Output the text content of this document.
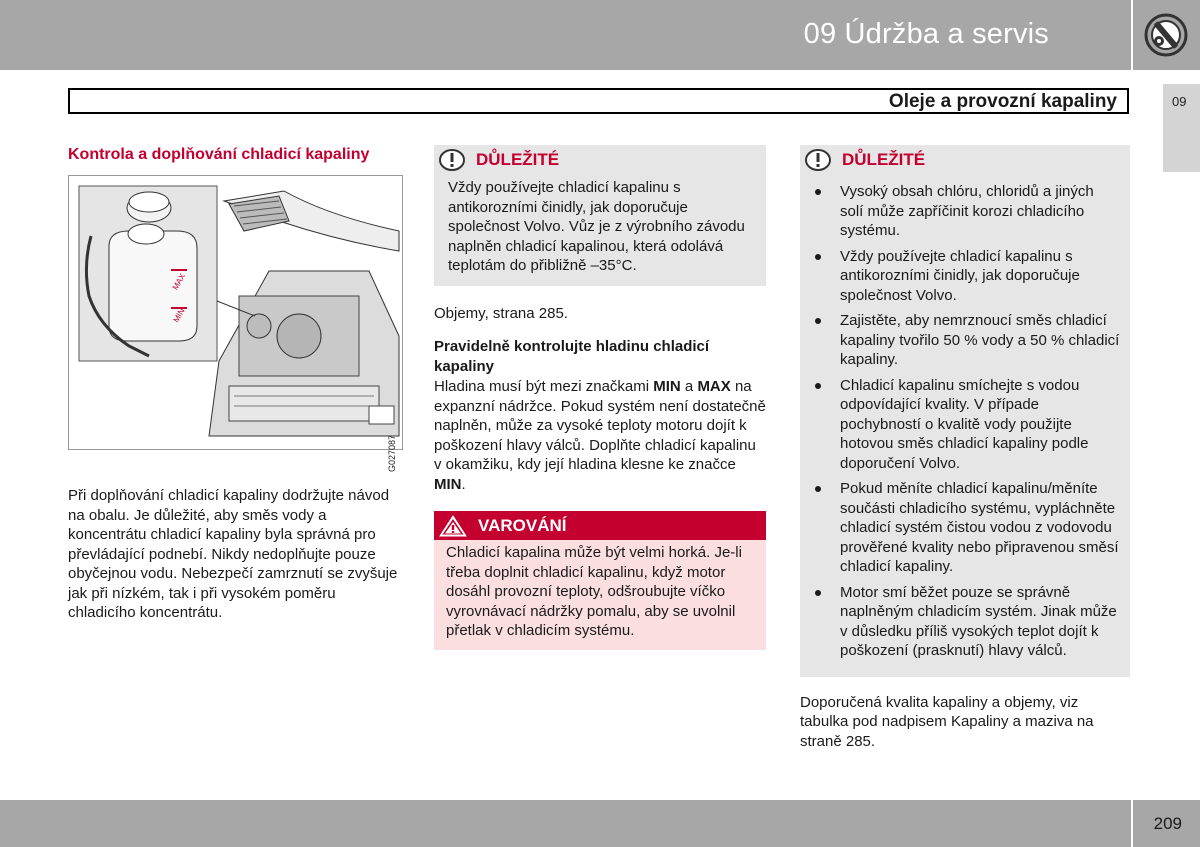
09 Údržba a servis
Oleje a provozní kapaliny	09
Kontrola a doplňování chladicí kapaliny
MAX
MIN
G027087

Při doplňování chladicí kapaliny dodržujte návod na obalu. Je důležité, aby směs vody a koncentrátu chladicí kapaliny byla správná pro převládající podnebí. Nikdy nedoplňujte pouze obyčejnou vodu. Nebezpečí zamrznutí se zvyšuje jak při nízkém, tak i při vysokém poměru chladicího koncentrátu.

DŮLEŽITÉ

Vždy používejte chladicí kapalinu s antikorozními činidly, jak doporučuje společnost Volvo. Vůz je z výrobního závodu naplněn chladicí kapalinou, která odolává teplotám do přibližně –35°C.

Objemy, strana 285.

Pravidelně kontrolujte hladinu chladicí kapaliny

Hladina musí být mezi značkami MIN a MAX na expanzní nádržce. Pokud systém není dostatečně naplněn, může za vysoké teploty motoru dojít k poškození hlavy válců. Doplňte chladicí kapalinu v okamžiku, kdy její hladina klesne ke značce MIN.

VAROVÁNÍ

Chladicí kapalina může být velmi horká. Je-li třeba doplnit chladicí kapalinu, když motor dosáhl provozní teploty, odšroubujte víčko vyrovnávací nádržky pomalu, aby se uvolnil přetlak v chladicím systému.

DŮLEŽITÉ
Vysoký obsah chlóru, chloridů a jiných solí může zapříčinit korozi chladicího systému.
Vždy používejte chladicí kapalinu s antikorozními činidly, jak doporučuje společnost Volvo.
Zajistěte, aby nemrznoucí směs chladicí kapaliny tvořilo 50 % vody a 50 % chladicí kapaliny.
Chladicí kapalinu smíchejte s vodou odpovídající kvality. V případe pochybností o kvalitě vody použijte hotovou směs chladicí kapaliny podle doporučení Volvo.
Pokud měníte chladicí kapalinu/měníte součásti chladicího systému, vypláchněte chladicí systém čistou vodou z vodovodu prověřené kvality nebo připravenou směsí chladicí kapaliny.
Motor smí běžet pouze se správně naplněným chladicím systém. Jinak může v důsledku příliš vysokých teplot dojít k poškození (prasknutí) hlavy válců.

Doporučená kvalita kapaliny a objemy, viz tabulka pod nadpisem Kapaliny a maziva na straně 285.

209
